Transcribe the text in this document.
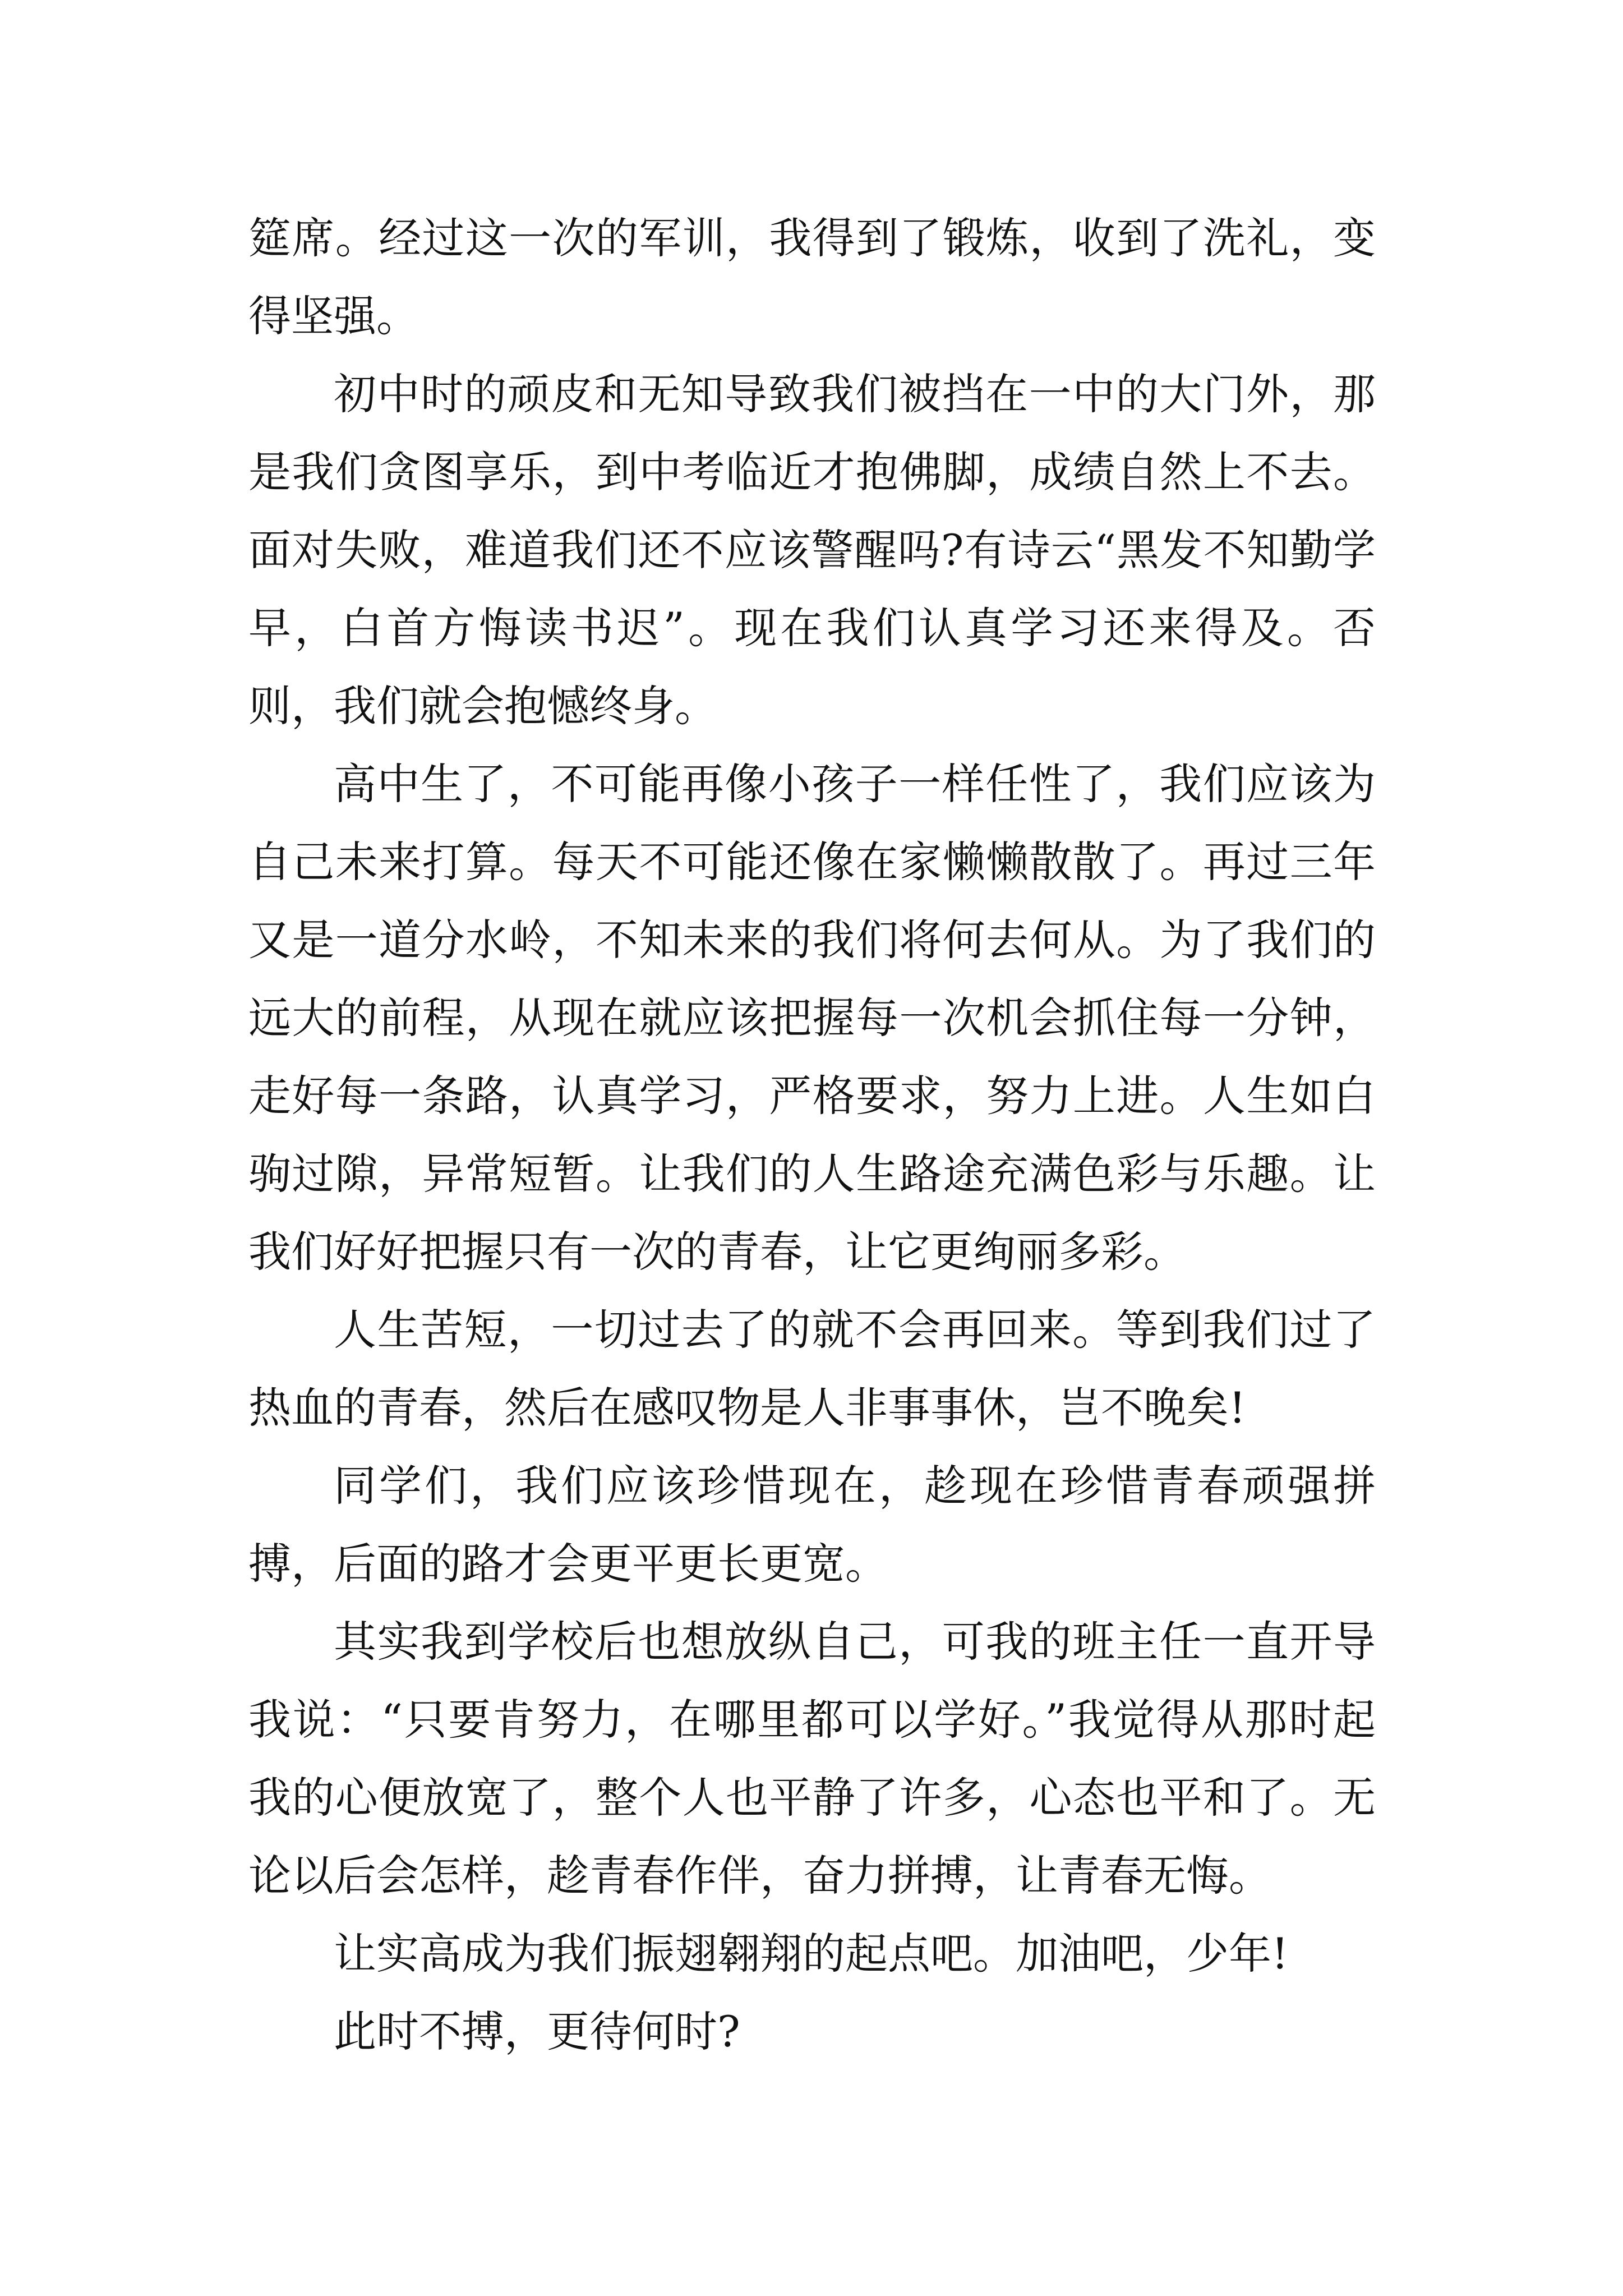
筵席。经过这一次的军训，我得到了锻炼，收到了洗礼，变得坚强。

初中时的顽皮和无知导致我们被挡在一中的大门外，那是我们贪图享乐，到中考临近才抱佛脚，成绩自然上不去。面对失败，难道我们还不应该警醒吗?有诗云“黑发不知勤学早，白首方悔读书迟”。现在我们认真学习还来得及。否则，我们就会抱憾终身。

高中生了，不可能再像小孩子一样任性了，我们应该为自己未来打算。每天不可能还像在家懒懒散散了。再过三年又是一道分水岭，不知未来的我们将何去何从。为了我们的远大的前程，从现在就应该把握每一次机会抓住每一分钟，走好每一条路，认真学习，严格要求，努力上进。人生如白驹过隙，异常短暂。让我们的人生路途充满色彩与乐趣。让我们好好把握只有一次的青春，让它更绚丽多彩。

人生苦短，一切过去了的就不会再回来。等到我们过了热血的青春，然后在感叹物是人非事事休，岂不晚矣!

同学们，我们应该珍惜现在，趁现在珍惜青春顽强拼搏，后面的路才会更平更长更宽。

其实我到学校后也想放纵自己，可我的班主任一直开导我说：“只要肯努力，在哪里都可以学好。”我觉得从那时起我的心便放宽了，整个人也平静了许多，心态也平和了。无论以后会怎样，趁青春作伴，奋力拼搏，让青春无悔。

让实高成为我们振翅翱翔的起点吧。加油吧，少年!

此时不搏，更待何时?
